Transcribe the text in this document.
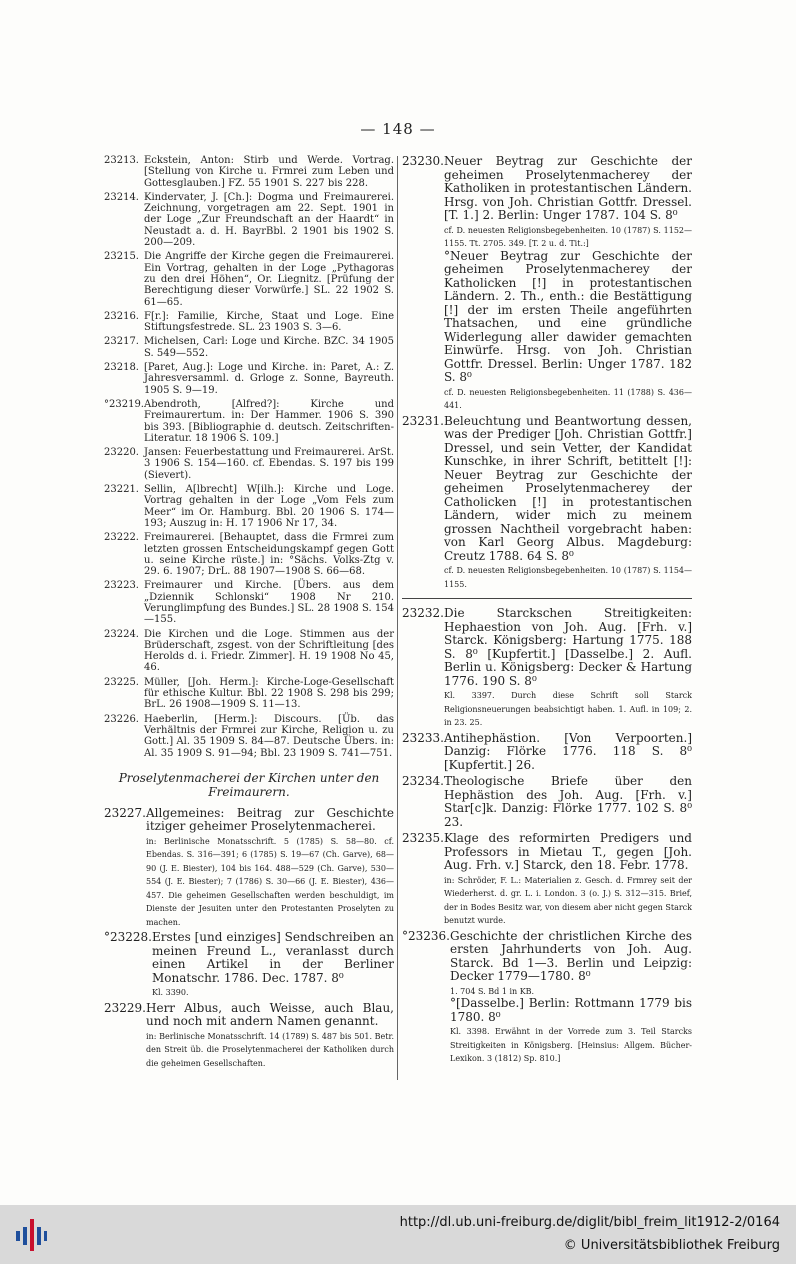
— 148 —
23213. Eckstein, Anton: Stirb und Werde. Vortrag. [Stellung von Kirche u. Frmrei zum Leben und Gottesglauben.] FZ. 55 1901 S. 227 bis 228.
23214. Kindervater, J. [Ch.]: Dogma und Freimaurerei. Zeichnung, vorgetragen am 22. Sept. 1901 in der Loge „Zur Freundschaft an der Haardt“ in Neustadt a. d. H. BayrBbl. 2 1901 bis 1902 S. 200—209.
23215. Die Angriffe der Kirche gegen die Freimaurerei. Ein Vortrag, gehalten in der Loge „Pythagoras zu den drei Höhen“, Or. Liegnitz. [Prüfung der Berechtigung dieser Vorwürfe.] SL. 22 1902 S. 61—65.
23216. F[r.]: Familie, Kirche, Staat und Loge. Eine Stiftungsfestrede. SL. 23 1903 S. 3—6.
23217. Michelsen, Carl: Loge und Kirche. BZC. 34 1905 S. 549—552.
23218. [Paret, Aug.]: Loge und Kirche. in: Paret, A.: Z. Jahresversamml. d. Grloge z. Sonne, Bayreuth. 1905 S. 9—19.
°23219. Abendroth, [Alfred?]: Kirche und Freimaurertum. in: Der Hammer. 1906 S. 390 bis 393. [Bibliographie d. deutsch. Zeitschriften-Literatur. 18 1906 S. 109.]
23220. Jansen: Feuerbestattung und Freimaurerei. ArSt. 3 1906 S. 154—160. cf. Ebendas. S. 197 bis 199 (Sievert).
23221. Sellin, A[lbrecht] W[ilh.]: Kirche und Loge. Vortrag gehalten in der Loge „Vom Fels zum Meer“ im Or. Hamburg. Bbl. 20 1906 S. 174—193; Auszug in: H. 17 1906 Nr 17, 34.
23222. Freimaurerei. [Behauptet, dass die Frmrei zum letzten grossen Entscheidungskampf gegen Gott u. seine Kirche rüste.] in: °Sächs. Volks-Ztg v. 29. 6. 1907; DrL. 88 1907—1908 S. 66—68.
23223. Freimaurer und Kirche. [Übers. aus dem „Dziennik Schlonski“ 1908 Nr 210. Verunglimpfung des Bundes.] SL. 28 1908 S. 154—155.
23224. Die Kirchen und die Loge. Stimmen aus der Brüderschaft, zsgest. von der Schriftleitung [des Herolds d. i. Friedr. Zimmer]. H. 19 1908 No 45, 46.
23225. Müller, [Joh. Herm.]: Kirche-Loge-Gesellschaft für ethische Kultur. Bbl. 22 1908 S. 298 bis 299; BrL. 26 1908—1909 S. 11—13.
23226. Haeberlin, [Herm.]: Discours. [Üb. das Verhältnis der Frmrei zur Kirche, Religion u. zu Gott.] Al. 35 1909 S. 84—87. Deutsche Übers. in: Al. 35 1909 S. 91—94; Bbl. 23 1909 S. 741—751.
Proselytenmacherei der Kirchen unter den Freimaurern.
23227. Allgemeines: Beitrag zur Geschichte itziger geheimer Proselytenmacherei.
in: Berlinische Monatsschrift. 5 (1785) S. 58—80. cf. Ebendas. S. 316—391; 6 (1785) S. 19—67 (Ch. Garve), 68—90 (J. E. Biester), 104 bis 164. 488—529 (Ch. Garve), 530—554 (J. E. Biester); 7 (1786) S. 30—66 (J. E. Biester), 436—457. Die geheimen Gesellschaften werden beschuldigt, im Dienste der Jesuiten unter den Protestanten Proselyten zu machen.
°23228. Erstes [und einziges] Sendschreiben an meinen Freund L., veranlasst durch einen Artikel in der Berliner Monatschr. 1786. Dec. 1787. 8⁰
Kl. 3390.
23229. Herr Albus, auch Weisse, auch Blau, und noch mit andern Namen genannt.
in: Berlinische Monatsschrift. 14 (1789) S. 487 bis 501. Betr. den Streit üb. die Proselytenmacherei der Katholiken durch die geheimen Gesellschaften.
23230. Neuer Beytrag zur Geschichte der geheimen Proselytenmacherey der Katholiken in protestantischen Ländern. Hrsg. von Joh. Christian Gottfr. Dressel. [T. 1.] 2. Berlin: Unger 1787. 104 S. 8⁰
cf. D. neuesten Religionsbegebenheiten. 10 (1787) S. 1152—1155. Tt. 2705. 349. [T. 2 u. d. Tit.:]
°Neuer Beytrag zur Geschichte der geheimen Proselytenmacherey der Katholicken [!] in protestantischen Ländern. 2. Th., enth.: die Bestättigung [!] der im ersten Theile angeführten Thatsachen, und eine gründliche Widerlegung aller dawider gemachten Einwürfe. Hrsg. von Joh. Christian Gottfr. Dressel. Berlin: Unger 1787. 182 S. 8⁰
cf. D. neuesten Religionsbegebenheiten. 11 (1788) S. 436—441.
23231. Beleuchtung und Beantwortung dessen, was der Prediger [Joh. Christian Gottfr.] Dressel, und sein Vetter, der Kandidat Kunschke, in ihrer Schrift, betittelt [!]: Neuer Beytrag zur Geschichte der geheimen Proselytenmacherey der Catholicken [!] in protestantischen Ländern, wider mich zu meinem grossen Nachtheil vorgebracht haben: von Karl Georg Albus. Magdeburg: Creutz 1788. 64 S. 8⁰
cf. D. neuesten Religionsbegebenheiten. 10 (1787) S. 1154—1155.
23232. Die Starckschen Streitigkeiten: Hephaestion von Joh. Aug. [Frh. v.] Starck. Königsberg: Hartung 1775. 188 S. 8⁰ [Kupfertit.] [Dasselbe.] 2. Aufl. Berlin u. Königsberg: Decker & Hartung 1776. 190 S. 8⁰
Kl. 3397. Durch diese Schrift soll Starck Religionsneuerungen beabsichtigt haben. 1. Aufl. in 109; 2. in 23. 25.
23233. Antihephästion. [Von Verpoorten.] Danzig: Flörke 1776. 118 S. 8⁰ [Kupfertit.] 26.
23234. Theologische Briefe über den Hephästion des Joh. Aug. [Frh. v.] Star[c]k. Danzig: Flörke 1777. 102 S. 8⁰ 23.
23235. Klage des reformirten Predigers und Professors in Mietau T., gegen [Joh. Aug. Frh. v.] Starck, den 18. Febr. 1778.
in: Schröder, F. L.: Materialien z. Gesch. d. Frmrey seit der Wiederherst. d. gr. L. i. London. 3 (o. J.) S. 312—315. Brief, der in Bodes Besitz war, von diesem aber nicht gegen Starck benutzt wurde.
°23236. Geschichte der christlichen Kirche des ersten Jahrhunderts von Joh. Aug. Starck. Bd 1—3. Berlin und Leipzig: Decker 1779—1780. 8⁰
1. 704 S. Bd 1 in KB.
°[Dasselbe.] Berlin: Rottmann 1779 bis 1780. 8⁰
Kl. 3398. Erwähnt in der Vorrede zum 3. Teil Starcks Streitigkeiten in Königsberg. [Heinsius: Allgem. Bücher-Lexikon. 3 (1812) Sp. 810.]
http://dl.ub.uni-freiburg.de/diglit/bibl_freim_lit1912-2/0164
© Universitätsbibliothek Freiburg
